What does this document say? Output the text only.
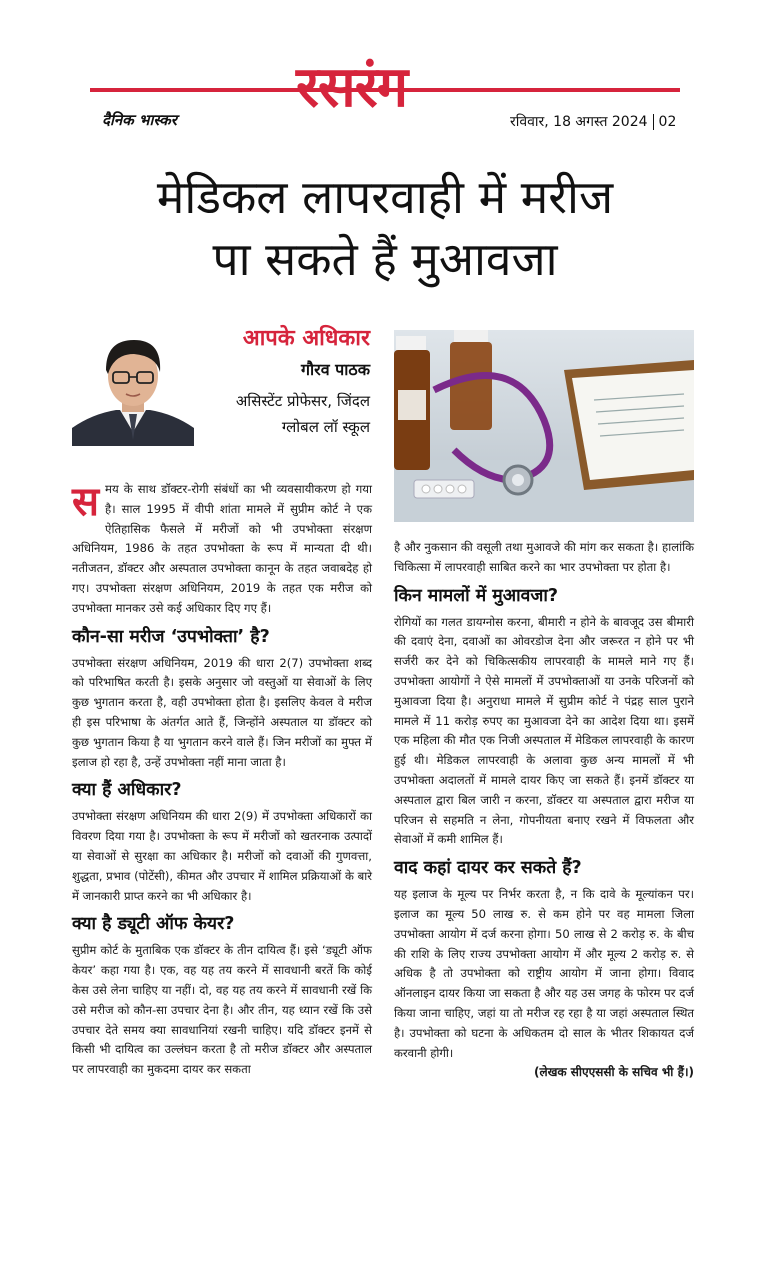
दैनिक भास्कर रसरंग
रविवार, 18 अगस्त 2024 02
मेडिकल लापरवाही में मरीज
पा सकते हैं मुआवजा
आपके अधिकार
गौरव पाठक
असिस्टेंट प्रोफेसर, जिंदल
ग्लोबल लॉ स्कूल

समय के साथ डॉक्टर-रोगी संबंधों का भी व्यवसायीकरण हो गया है। साल 1995 में वीपी शांता मामले में सुप्रीम कोर्ट ने एक ऐतिहासिक फैसले में मरीजों को भी उपभोक्ता संरक्षण अधिनियम, 1986 के तहत उपभोक्ता के रूप में मान्यता दी थी। नतीजतन, डॉक्टर और अस्पताल उपभोक्ता कानून के तहत जवाबदेह हो गए। उपभोक्ता संरक्षण अधिनियम, 2019 के तहत एक मरीज को उपभोक्ता मानकर उसे कई अधिकार दिए गए हैं।

कौन-सा मरीज ‘उपभोक्ता’ है?

उपभोक्ता संरक्षण अधिनियम, 2019 की धारा 2(7) उपभोक्ता शब्द को परिभाषित करती है। इसके अनुसार जो वस्तुओं या सेवाओं के लिए कुछ भुगतान करता है, वही उपभोक्ता होता है। इसलिए केवल वे मरीज ही इस परिभाषा के अंतर्गत आते हैं, जिन्होंने अस्पताल या डॉक्टर को कुछ भुगतान किया है या भुगतान करने वाले हैं। जिन मरीजों का मुफ्त में इलाज हो रहा है, उन्हें उपभोक्ता नहीं माना जाता है।

क्या हैं अधिकार?

उपभोक्ता संरक्षण अधिनियम की धारा 2(9) में उपभोक्ता अधिकारों का विवरण दिया गया है। उपभोक्ता के रूप में मरीजों को खतरनाक उत्पादों या सेवाओं से सुरक्षा का अधिकार है। मरीजों को दवाओं की गुणवत्ता, शुद्धता, प्रभाव (पोटेंसी), कीमत और उपचार में शामिल प्रक्रियाओं के बारे में जानकारी प्राप्त करने का भी अधिकार है।

क्या है ड्यूटी ऑफ केयर?

सुप्रीम कोर्ट के मुताबिक एक डॉक्टर के तीन दायित्व हैं। इसे ‘ड्यूटी ऑफ केयर’ कहा गया है। एक, वह यह तय करने में सावधानी बरतें कि कोई केस उसे लेना चाहिए या नहीं। दो, वह यह तय करने में सावधानी रखें कि उसे मरीज को कौन-सा उपचार देना है। और तीन, यह ध्यान रखें कि उसे उपचार देते समय क्या सावधानियां रखनी चाहिए। यदि डॉक्टर इनमें से किसी भी दायित्व का उल्लंघन करता है तो मरीज डॉक्टर और अस्पताल पर लापरवाही का मुकदमा दायर कर सकता

है और नुकसान की वसूली तथा मुआवजे की मांग कर सकता है। हालांकि चिकित्सा में लापरवाही साबित करने का भार उपभोक्ता पर होता है।

किन मामलों में मुआवजा?

रोगियों का गलत डायग्नोस करना, बीमारी न होने के बावजूद उस बीमारी की दवाएं देना, दवाओं का ओवरडोज देना और जरूरत न होने पर भी सर्जरी कर देने को चिकित्सकीय लापरवाही के मामले माने गए हैं। उपभोक्ता आयोगों ने ऐसे मामलों में उपभोक्ताओं या उनके परिजनों को मुआवजा दिया है। अनुराधा मामले में सुप्रीम कोर्ट ने पंद्रह साल पुराने मामले में 11 करोड़ रुपए का मुआवजा देने का आदेश दिया था। इसमें एक महिला की मौत एक निजी अस्पताल में मेडिकल लापरवाही के कारण हुई थी। मेडिकल लापरवाही के अलावा कुछ अन्य मामलों में भी उपभोक्ता अदालतों में मामले दायर किए जा सकते हैं। इनमें डॉक्टर या अस्पताल द्वारा बिल जारी न करना, डॉक्टर या अस्पताल द्वारा मरीज या परिजन से सहमति न लेना, गोपनीयता बनाए रखने में विफलता और सेवाओं में कमी शामिल हैं।

वाद कहां दायर कर सकते हैं?

यह इलाज के मूल्य पर निर्भर करता है, न कि दावे के मूल्यांकन पर। इलाज का मूल्य 50 लाख रु. से कम होने पर वह मामला जिला उपभोक्ता आयोग में दर्ज करना होगा। 50 लाख से 2 करोड़ रु. के बीच की राशि के लिए राज्य उपभोक्ता आयोग में और मूल्य 2 करोड़ रु. से अधिक है तो उपभोक्ता को राष्ट्रीय आयोग में जाना होगा। विवाद ऑनलाइन दायर किया जा सकता है और यह उस जगह के फोरम पर दर्ज किया जाना चाहिए, जहां या तो मरीज रह रहा है या जहां अस्पताल स्थित है। उपभोक्ता को घटना के अधिकतम दो साल के भीतर शिकायत दर्ज करवानी होगी।

(लेखक सीएएससी के सचिव भी हैं।)
